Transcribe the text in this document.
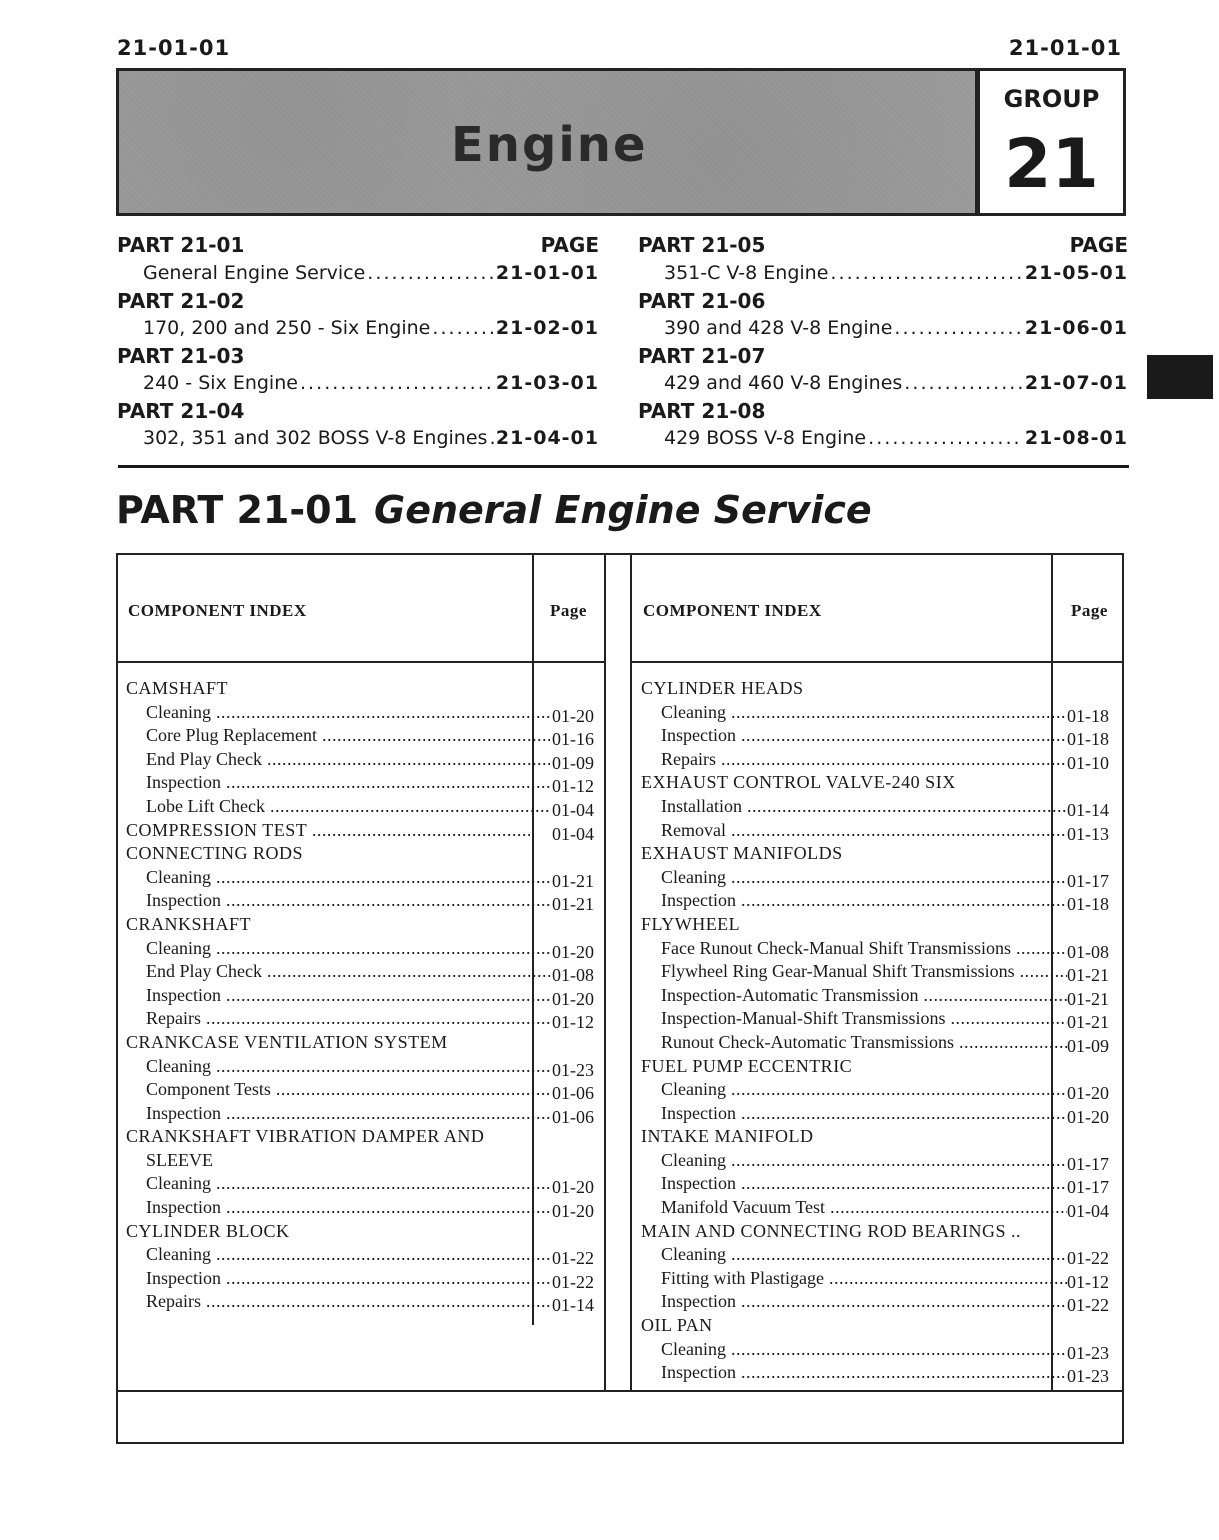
21-01-01	21-01-01
Engine
GROUP
21
PART 21-01	PAGE
General Engine Service . . .	21-01-01
PART 21-02
170, 200 and 250 - Six Engine . . .	21-02-01
PART 21-03
240 - Six Engine . . .	21-03-01
PART 21-04
302, 351 and 302 BOSS V-8 Engines . . . 21-04-01
PART 21-05	PAGE
351-C V-8 Engine . . .	21-05-01
PART 21-06
390 and 428 V-8 Engine . . .	21-06-01
PART 21-07
429 and 460 V-8 Engines . . .	21-07-01
PART 21-08
429 BOSS V-8 Engine . . .	21-08-01
PART 21-01 General Engine Service
COMPONENT INDEX	Page	COMPONENT INDEX	Page
CAMSHAFT
Cleaning .....	01-20
Core Plug Replacement .....	01-16
End Play Check .....	01-09
Inspection .....	01-12
Lobe Lift Check .....	01-04
COMPRESSION TEST .....	01-04
CONNECTING RODS
Cleaning .....	01-21
Inspection .....	01-21
CRANKSHAFT
Cleaning .....	01-20
End Play Check .....	01-08
Inspection .....	01-20
Repairs .....	01-12
CRANKCASE VENTILATION SYSTEM
Cleaning .....	01-23
Component Tests .....	01-06
Inspection .....	01-06
CRANKSHAFT VIBRATION DAMPER AND
SLEEVE
Cleaning .....	01-20
Inspection .....	01-20
CYLINDER BLOCK
Cleaning .....	01-22
Inspection .....	01-22
Repairs .....	01-14
CYLINDER HEADS
Cleaning .....	01-18
Inspection .....	01-18
Repairs .....	01-10
EXHAUST CONTROL VALVE-240 SIX
Installation .....	01-14
Removal .....	01-13
EXHAUST MANIFOLDS
Cleaning .....	01-17
Inspection .....	01-18
FLYWHEEL
Face Runout Check-Manual Shift Transmissions .....	01-08
Flywheel Ring Gear-Manual Shift Transmissions .....	01-21
Inspection-Automatic Transmission .....	01-21
Inspection-Manual-Shift Transmissions .....	01-21
Runout Check-Automatic Transmissions .....	01-09
FUEL PUMP ECCENTRIC
Cleaning .....	01-20
Inspection .....	01-20
INTAKE MANIFOLD
Cleaning .....	01-17
Inspection .....	01-17
Manifold Vacuum Test .....	01-04
MAIN AND CONNECTING ROD BEARINGS ..
Cleaning .....	01-22
Fitting with Plastigage .....	01-12
Inspection .....	01-22
OIL PAN
Cleaning .....	01-23
Inspection .....	01-23
